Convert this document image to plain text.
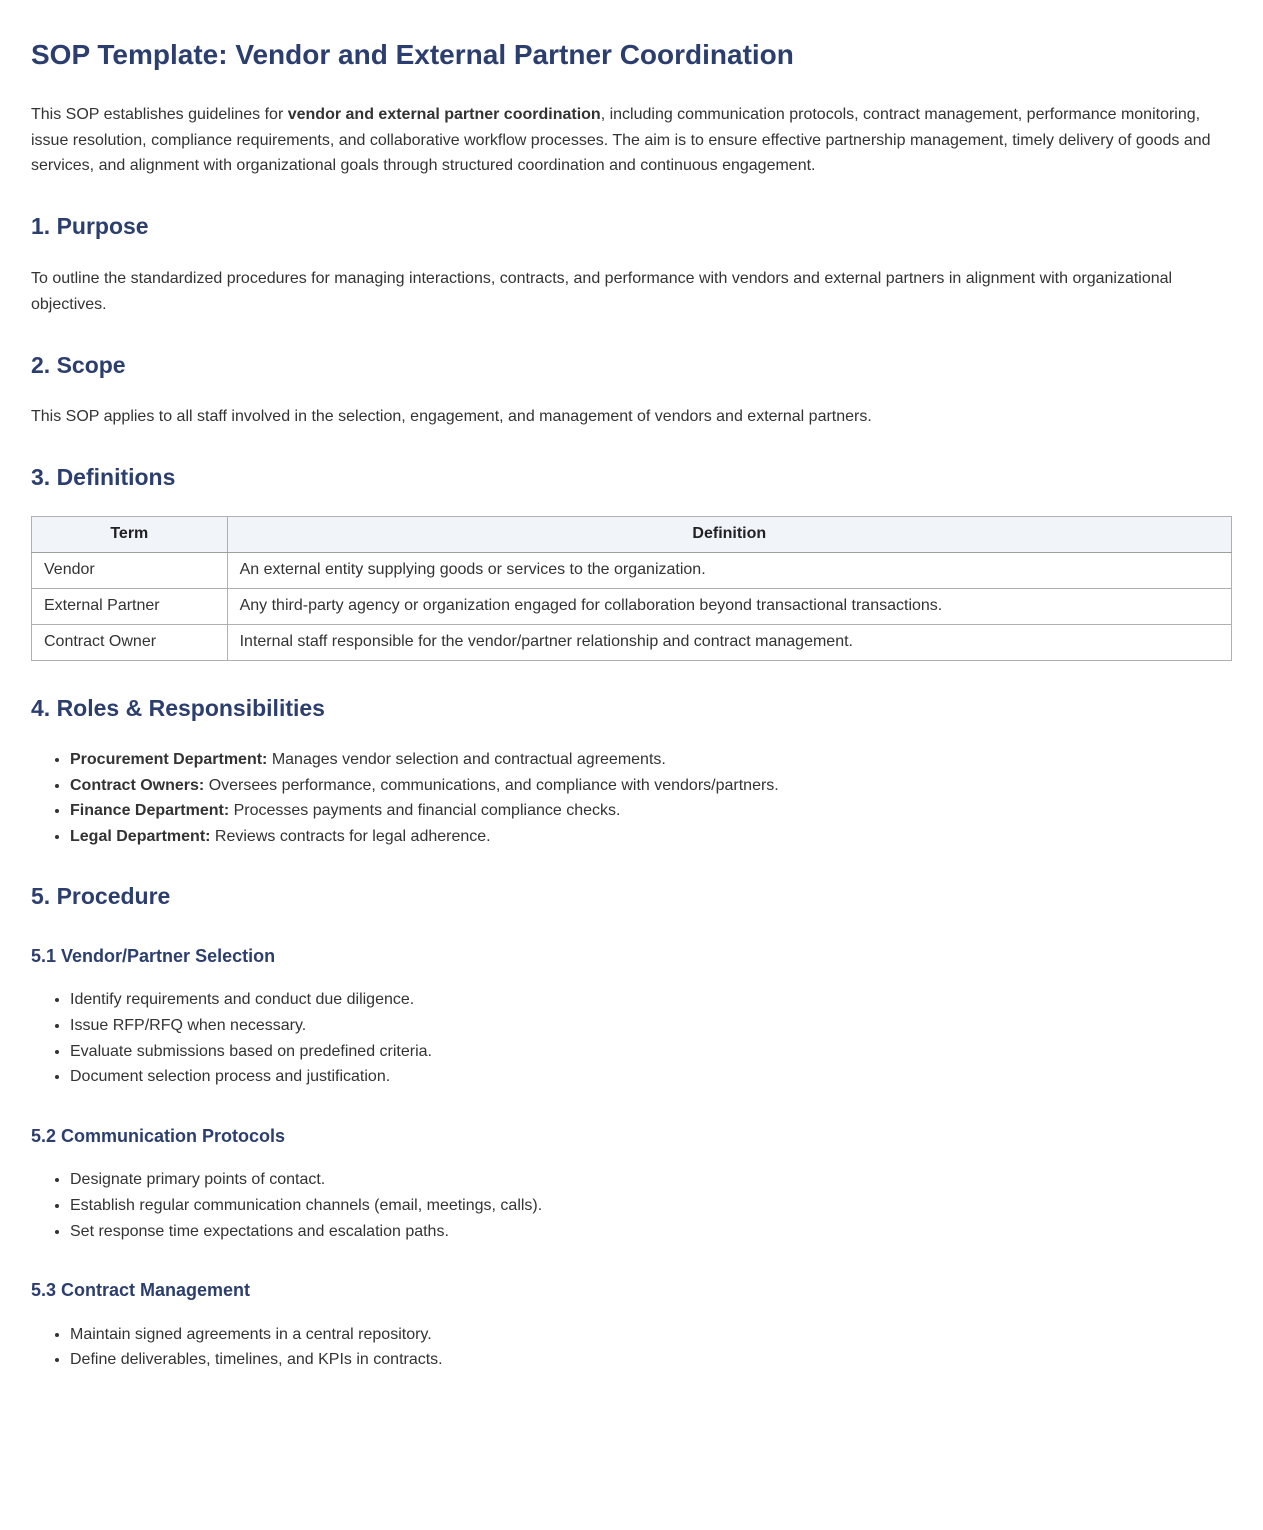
SOP Template: Vendor and External Partner Coordination

This SOP establishes guidelines for vendor and external partner coordination, including communication protocols, contract management, performance monitoring, issue resolution, compliance requirements, and collaborative workflow processes. The aim is to ensure effective partnership management, timely delivery of goods and services, and alignment with organizational goals through structured coordination and continuous engagement.

1. Purpose

To outline the standardized procedures for managing interactions, contracts, and performance with vendors and external partners in alignment with organizational objectives.

2. Scope

This SOP applies to all staff involved in the selection, engagement, and management of vendors and external partners.

3. Definitions
Term	Definition
Vendor	An external entity supplying goods or services to the organization.
External Partner	Any third-party agency or organization engaged for collaboration beyond transactional transactions.
Contract Owner	Internal staff responsible for the vendor/partner relationship and contract management.
4. Roles & Responsibilities
• Procurement Department: Manages vendor selection and contractual agreements.
• Contract Owners: Oversees performance, communications, and compliance with vendors/partners.
• Finance Department: Processes payments and financial compliance checks.
• Legal Department: Reviews contracts for legal adherence.
5. Procedure
5.1 Vendor/Partner Selection
• Identify requirements and conduct due diligence.
• Issue RFP/RFQ when necessary.
• Evaluate submissions based on predefined criteria.
• Document selection process and justification.
5.2 Communication Protocols
• Designate primary points of contact.
• Establish regular communication channels (email, meetings, calls).
• Set response time expectations and escalation paths.
5.3 Contract Management
• Maintain signed agreements in a central repository.
• Define deliverables, timelines, and KPIs in contracts.
